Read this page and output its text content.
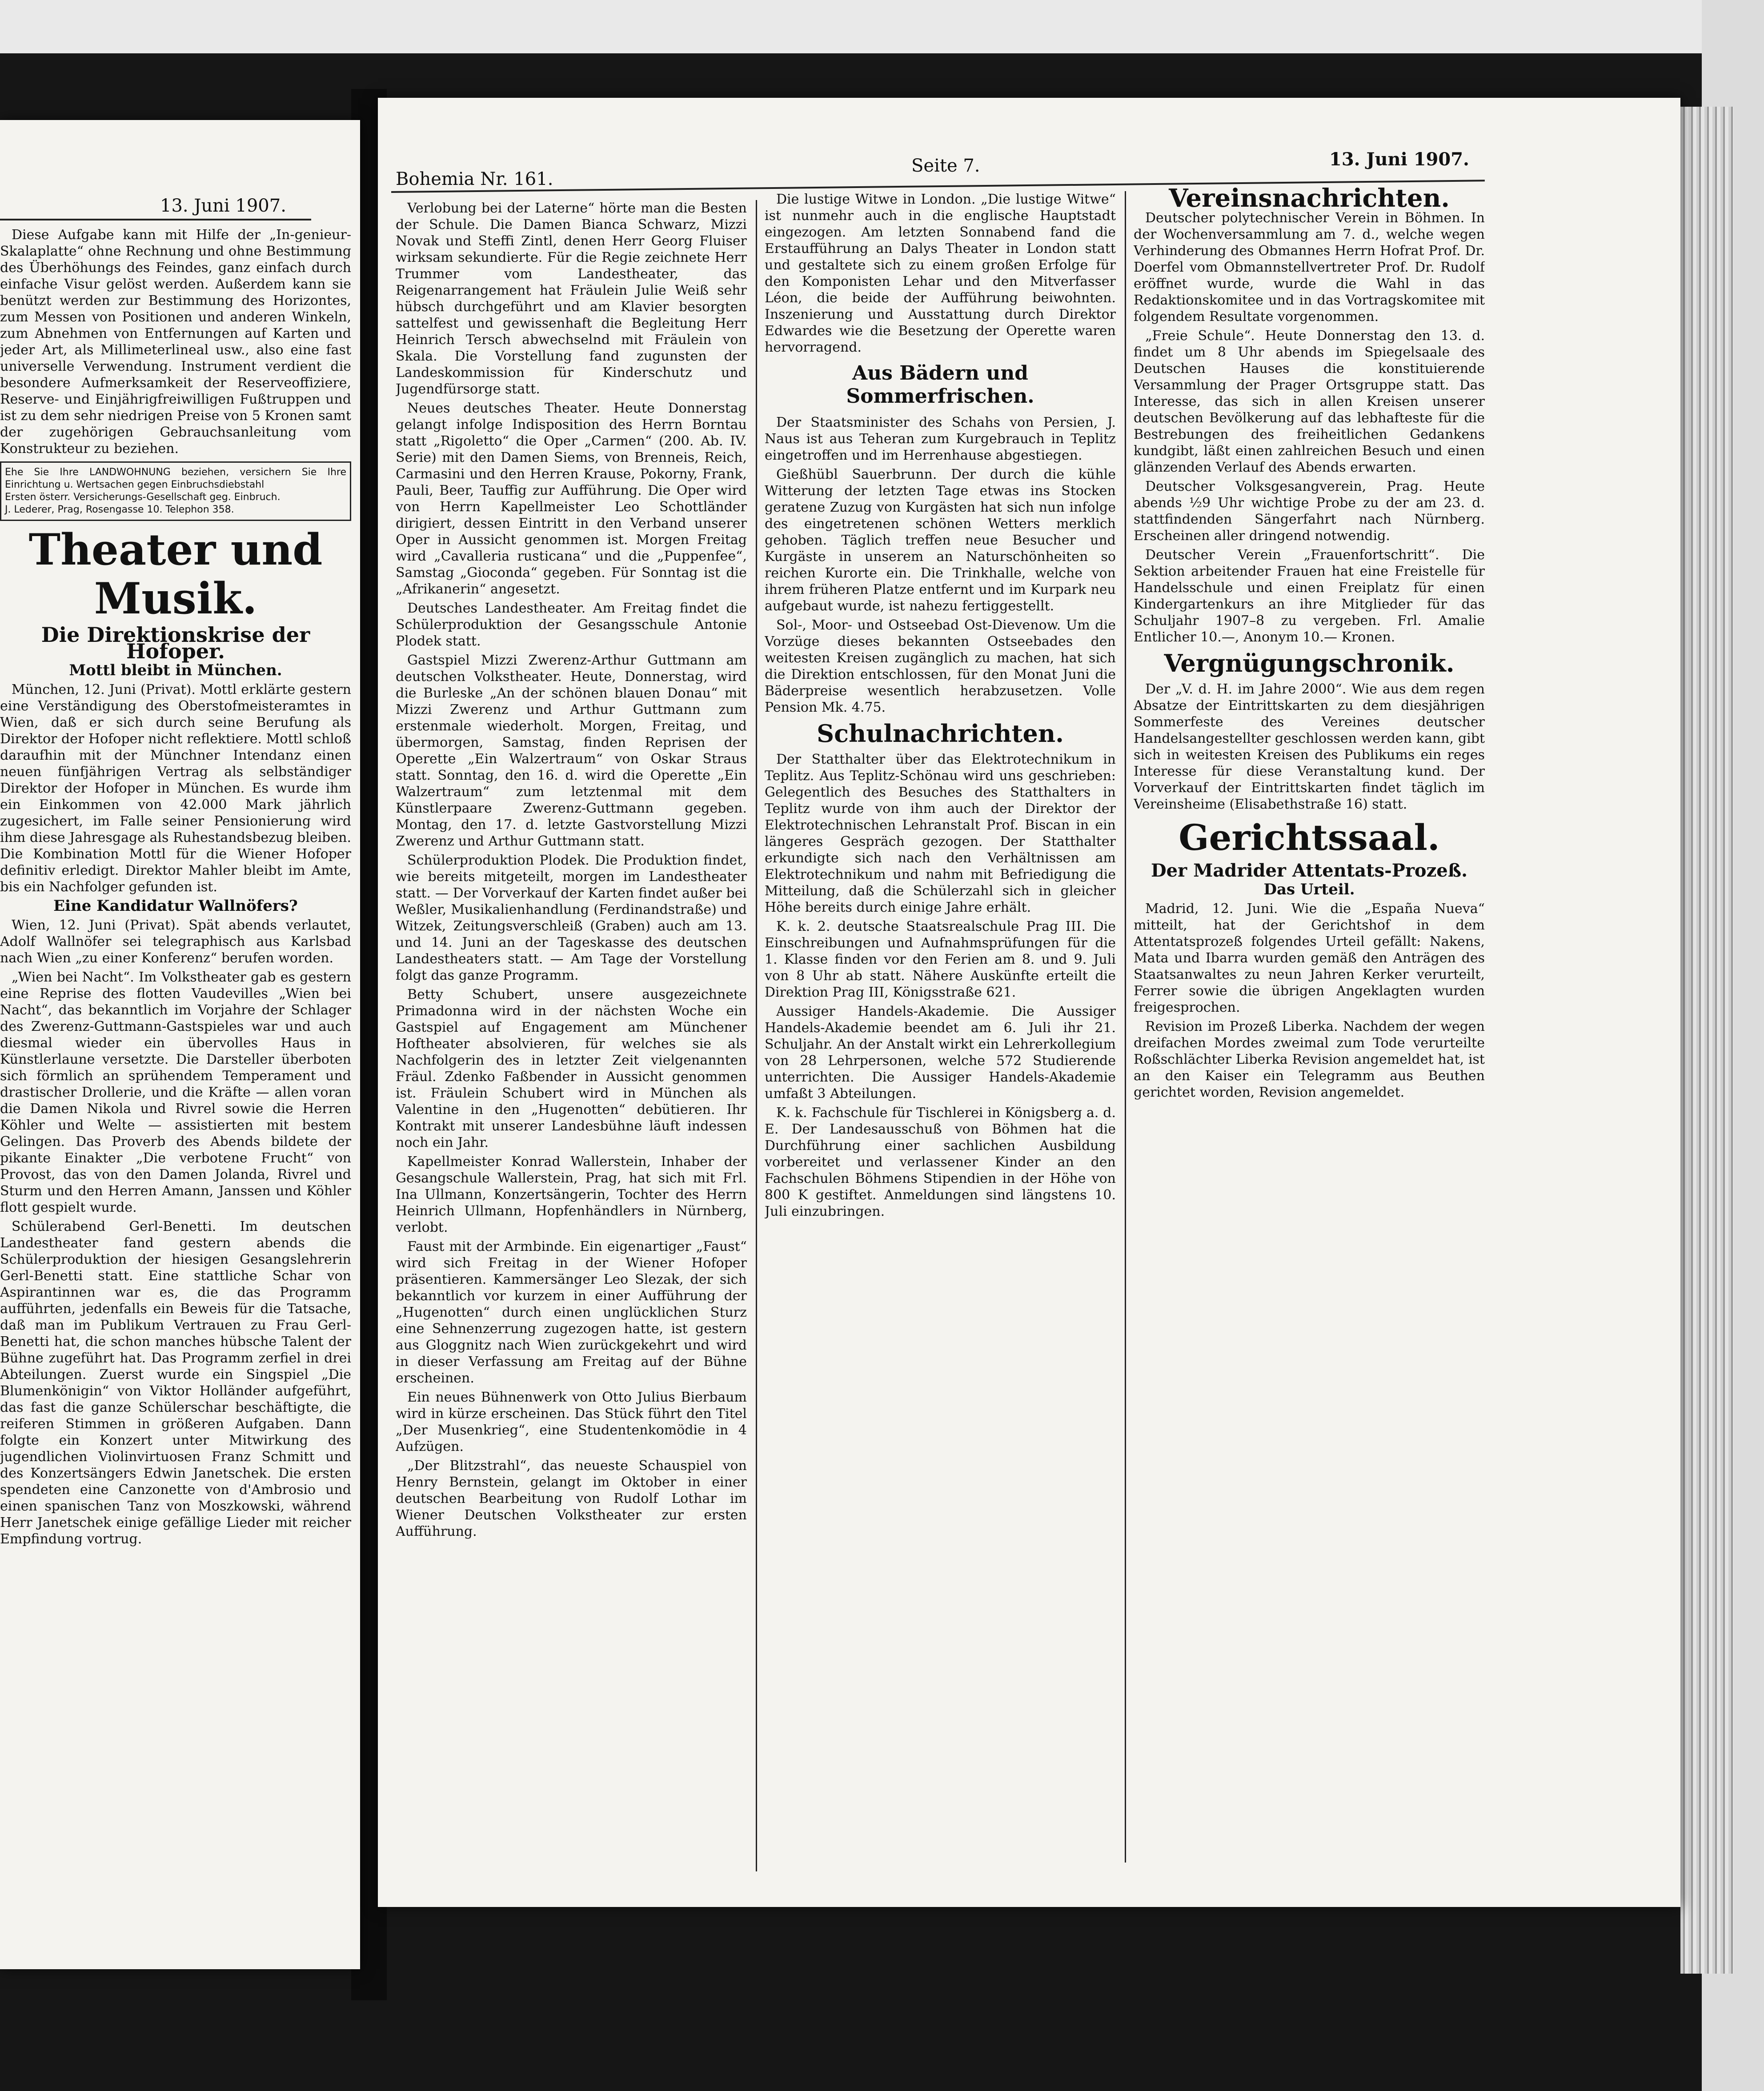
13. Juni 1907.

Diese Aufgabe kann mit Hilfe der „In-genieur-Skalaplatte“ ohne Rechnung und ohne Bestimmung des Überhöhungs des Feindes, ganz einfach durch einfache Visur gelöst werden. Außerdem kann sie benützt werden zur Bestimmung des Horizontes, zum Messen von Positionen und anderen Winkeln, zum Abnehmen von Entfernungen auf Karten und jeder Art, als Millimeterlineal usw., also eine fast universelle Verwendung. Instrument verdient die besondere Aufmerksamkeit der Reserveoffiziere, Reserve- und Einjährigfreiwilligen Fußtruppen und ist zu dem sehr niedrigen Preise von 5 Kronen samt der zugehörigen Gebrauchsanleitung vom Konstrukteur zu beziehen.

Ehe Sie Ihre LANDWOHNUNG beziehen, versichern Sie Ihre Einrichtung u. Wertsachen gegen Einbruchsdiebstahl
Ersten österr. Versicherungs-Gesellschaft geg. Einbruch.
J. Lederer, Prag, Rosengasse 10. Telephon 358.
Theater und Musik.
Die Direktionskrise der Hofoper.
Mottl bleibt in München.

München, 12. Juni (Privat). Mottl erklärte gestern eine Verständigung des Oberstofmeisteramtes in Wien, daß er sich durch seine Berufung als Direktor der Hofoper nicht reflektiere. Mottl schloß daraufhin mit der Münchner Intendanz einen neuen fünfjährigen Vertrag als selbständiger Direktor der Hofoper in München. Es wurde ihm ein Einkommen von 42.000 Mark jährlich zugesichert, im Falle seiner Pensionierung wird ihm diese Jahresgage als Ruhestandsbezug bleiben. Die Kombination Mottl für die Wiener Hofoper definitiv erledigt. Direktor Mahler bleibt im Amte, bis ein Nachfolger gefunden ist.

Eine Kandidatur Wallnöfers?

Wien, 12. Juni (Privat). Spät abends verlautet, Adolf Wallnöfer sei telegraphisch aus Karlsbad nach Wien „zu einer Konferenz“ berufen worden.

„Wien bei Nacht“. Im Volkstheater gab es gestern eine Reprise des flotten Vaudevilles „Wien bei Nacht“, das bekanntlich im Vorjahre der Schlager des Zwerenz-Guttmann-Gastspieles war und auch diesmal wieder ein übervolles Haus in Künstlerlaune versetzte. Die Darsteller überboten sich förmlich an sprühendem Temperament und drastischer Drollerie, und die Kräfte — allen voran die Damen Nikola und Rivrel sowie die Herren Köhler und Welte — assistierten mit bestem Gelingen. Das Proverb des Abends bildete der pikante Einakter „Die verbotene Frucht“ von Provost, das von den Damen Jolanda, Rivrel und Sturm und den Herren Amann, Janssen und Köhler flott gespielt wurde.

Schülerabend Gerl-Benetti. Im deutschen Landestheater fand gestern abends die Schülerproduktion der hiesigen Gesangslehrerin Gerl-Benetti statt. Eine stattliche Schar von Aspirantinnen war es, die das Programm aufführten, jedenfalls ein Beweis für die Tatsache, daß man im Publikum Vertrauen zu Frau Gerl-Benetti hat, die schon manches hübsche Talent der Bühne zugeführt hat. Das Programm zerfiel in drei Abteilungen. Zuerst wurde ein Singspiel „Die Blumenkönigin“ von Viktor Holländer aufgeführt, das fast die ganze Schülerschar beschäftigte, die reiferen Stimmen in größeren Aufgaben. Dann folgte ein Konzert unter Mitwirkung des jugendlichen Violinvirtuosen Franz Schmitt und des Konzertsängers Edwin Janetschek. Die ersten spendeten eine Canzonette von d'Ambrosio und einen spanischen Tanz von Moszkowski, während Herr Janetschek einige gefällige Lieder mit reicher Empfindung vortrug.

Bohemia Nr. 161.
Seite 7.	13. Juni 1907.

Verlobung bei der Laterne“ hörte man die Besten der Schule. Die Damen Bianca Schwarz, Mizzi Novak und Steffi Zintl, denen Herr Georg Fluiser wirksam sekundierte. Für die Regie zeichnete Herr Trummer vom Landestheater, das Reigenarrangement hat Fräulein Julie Weiß sehr hübsch durchgeführt und am Klavier besorgten sattelfest und gewissenhaft die Begleitung Herr Heinrich Tersch abwechselnd mit Fräulein von Skala. Die Vorstellung fand zugunsten der Landeskommission für Kinderschutz und Jugendfürsorge statt.

Neues deutsches Theater. Heute Donnerstag gelangt infolge Indisposition des Herrn Borntau statt „Rigoletto“ die Oper „Carmen“ (200. Ab. IV. Serie) mit den Damen Siems, von Brenneis, Reich, Carmasini und den Herren Krause, Pokorny, Frank, Pauli, Beer, Tauffig zur Aufführung. Die Oper wird von Herrn Kapellmeister Leo Schottländer dirigiert, dessen Eintritt in den Verband unserer Oper in Aussicht genommen ist. Morgen Freitag wird „Cavalleria rusticana“ und die „Puppenfee“, Samstag „Gioconda“ gegeben. Für Sonntag ist die „Afrikanerin“ angesetzt.

Deutsches Landestheater. Am Freitag findet die Schülerproduktion der Gesangsschule Antonie Plodek statt.

Gastspiel Mizzi Zwerenz-Arthur Guttmann am deutschen Volkstheater. Heute, Donnerstag, wird die Burleske „An der schönen blauen Donau“ mit Mizzi Zwerenz und Arthur Guttmann zum erstenmale wiederholt. Morgen, Freitag, und übermorgen, Samstag, finden Reprisen der Operette „Ein Walzertraum“ von Oskar Straus statt. Sonntag, den 16. d. wird die Operette „Ein Walzertraum“ zum letztenmal mit dem Künstlerpaare Zwerenz-Guttmann gegeben. Montag, den 17. d. letzte Gastvorstellung Mizzi Zwerenz und Arthur Guttmann statt.

Schülerproduktion Plodek. Die Produktion findet, wie bereits mitgeteilt, morgen im Landestheater statt. — Der Vorverkauf der Karten findet außer bei Weßler, Musikalienhandlung (Ferdinandstraße) und Witzek, Zeitungsverschleiß (Graben) auch am 13. und 14. Juni an der Tageskasse des deutschen Landestheaters statt. — Am Tage der Vorstellung folgt das ganze Programm.

Betty Schubert, unsere ausgezeichnete Primadonna wird in der nächsten Woche ein Gastspiel auf Engagement am Münchener Hoftheater absolvieren, für welches sie als Nachfolgerin des in letzter Zeit vielgenannten Fräul. Zdenko Faßbender in Aussicht genommen ist. Fräulein Schubert wird in München als Valentine in den „Hugenotten“ debütieren. Ihr Kontrakt mit unserer Landesbühne läuft indessen noch ein Jahr.

Kapellmeister Konrad Wallerstein, Inhaber der Gesangschule Wallerstein, Prag, hat sich mit Frl. Ina Ullmann, Konzertsängerin, Tochter des Herrn Heinrich Ullmann, Hopfenhändlers in Nürnberg, verlobt.

Faust mit der Armbinde. Ein eigenartiger „Faust“ wird sich Freitag in der Wiener Hofoper präsentieren. Kammersänger Leo Slezak, der sich bekanntlich vor kurzem in einer Aufführung der „Hugenotten“ durch einen unglücklichen Sturz eine Sehnenzerrung zugezogen hatte, ist gestern aus Gloggnitz nach Wien zurückgekehrt und wird in dieser Verfassung am Freitag auf der Bühne erscheinen.

Ein neues Bühnenwerk von Otto Julius Bierbaum wird in kürze erscheinen. Das Stück führt den Titel „Der Musenkrieg“, eine Studentenkomödie in 4 Aufzügen.

„Der Blitzstrahl“, das neueste Schauspiel von Henry Bernstein, gelangt im Oktober in einer deutschen Bearbeitung von Rudolf Lothar im Wiener Deutschen Volkstheater zur ersten Aufführung.

Die lustige Witwe in London. „Die lustige Witwe“ ist nunmehr auch in die englische Hauptstadt eingezogen. Am letzten Sonnabend fand die Erstaufführung an Dalys Theater in London statt und gestaltete sich zu einem großen Erfolge für den Komponisten Lehar und den Mitverfasser Léon, die beide der Aufführung beiwohnten. Inszenierung und Ausstattung durch Direktor Edwardes wie die Besetzung der Operette waren hervorragend.

Aus Bädern und Sommerfrischen.

Der Staatsminister des Schahs von Persien, J. Naus ist aus Teheran zum Kurgebrauch in Teplitz eingetroffen und im Herrenhause abgestiegen.

Gießhübl Sauerbrunn. Der durch die kühle Witterung der letzten Tage etwas ins Stocken geratene Zuzug von Kurgästen hat sich nun infolge des eingetretenen schönen Wetters merklich gehoben. Täglich treffen neue Besucher und Kurgäste in unserem an Naturschönheiten so reichen Kurorte ein. Die Trinkhalle, welche von ihrem früheren Platze entfernt und im Kurpark neu aufgebaut wurde, ist nahezu fertiggestellt.

Sol-, Moor- und Ostseebad Ost-Dievenow. Um die Vorzüge dieses bekannten Ostseebades den weitesten Kreisen zugänglich zu machen, hat sich die Direktion entschlossen, für den Monat Juni die Bäderpreise wesentlich herabzusetzen. Volle Pension Mk. 4.75.

Schulnachrichten.

Der Statthalter über das Elektrotechnikum in Teplitz. Aus Teplitz-Schönau wird uns geschrieben: Gelegentlich des Besuches des Statthalters in Teplitz wurde von ihm auch der Direktor der Elektrotechnischen Lehranstalt Prof. Biscan in ein längeres Gespräch gezogen. Der Statthalter erkundigte sich nach den Verhältnissen am Elektrotechnikum und nahm mit Befriedigung die Mitteilung, daß die Schülerzahl sich in gleicher Höhe bereits durch einige Jahre erhält.

K. k. 2. deutsche Staatsrealschule Prag III. Die Einschreibungen und Aufnahmsprüfungen für die 1. Klasse finden vor den Ferien am 8. und 9. Juli von 8 Uhr ab statt. Nähere Auskünfte erteilt die Direktion Prag III, Königsstraße 621.

Aussiger Handels-Akademie. Die Aussiger Handels-Akademie beendet am 6. Juli ihr 21. Schuljahr. An der Anstalt wirkt ein Lehrerkollegium von 28 Lehrpersonen, welche 572 Studierende unterrichten. Die Aussiger Handels-Akademie umfaßt 3 Abteilungen.

K. k. Fachschule für Tischlerei in Königsberg a. d. E. Der Landesausschuß von Böhmen hat die Durchführung einer sachlichen Ausbildung vorbereitet und verlassener Kinder an den Fachschulen Böhmens Stipendien in der Höhe von 800 K gestiftet. Anmeldungen sind längstens 10. Juli einzubringen.

Vereinsnachrichten.

Deutscher polytechnischer Verein in Böhmen. In der Wochenversammlung am 7. d., welche wegen Verhinderung des Obmannes Herrn Hofrat Prof. Dr. Doerfel vom Obmannstellvertreter Prof. Dr. Rudolf eröffnet wurde, wurde die Wahl in das Redaktionskomitee und in das Vortragskomitee mit folgendem Resultate vorgenommen.

„Freie Schule“. Heute Donnerstag den 13. d. findet um 8 Uhr abends im Spiegelsaale des Deutschen Hauses die konstituierende Versammlung der Prager Ortsgruppe statt. Das Interesse, das sich in allen Kreisen unserer deutschen Bevölkerung auf das lebhafteste für die Bestrebungen des freiheitlichen Gedankens kundgibt, läßt einen zahlreichen Besuch und einen glänzenden Verlauf des Abends erwarten.

Deutscher Volksgesangverein, Prag. Heute abends ½9 Uhr wichtige Probe zu der am 23. d. stattfindenden Sängerfahrt nach Nürnberg. Erscheinen aller dringend notwendig.

Deutscher Verein „Frauenfortschritt“. Die Sektion arbeitender Frauen hat eine Freistelle für Handelsschule und einen Freiplatz für einen Kindergartenkurs an ihre Mitglieder für das Schuljahr 1907–8 zu vergeben. Frl. Amalie Entlicher 10.—, Anonym 10.— Kronen.

Vergnügungschronik.

Der „V. d. H. im Jahre 2000“. Wie aus dem regen Absatze der Eintrittskarten zu dem diesjährigen Sommerfeste des Vereines deutscher Handelsangestellter geschlossen werden kann, gibt sich in weitesten Kreisen des Publikums ein reges Interesse für diese Veranstaltung kund. Der Vorverkauf der Eintrittskarten findet täglich im Vereinsheime (Elisabethstraße 16) statt.

Gerichtssaal.
Der Madrider Attentats-Prozeß.
Das Urteil.

Madrid, 12. Juni. Wie die „España Nueva“ mitteilt, hat der Gerichtshof in dem Attentatsprozeß folgendes Urteil gefällt: Nakens, Mata und Ibarra wurden gemäß den Anträgen des Staatsanwaltes zu neun Jahren Kerker verurteilt, Ferrer sowie die übrigen Angeklagten wurden freigesprochen.

Revision im Prozeß Liberka. Nachdem der wegen dreifachen Mordes zweimal zum Tode verurteilte Roßschlächter Liberka Revision angemeldet hat, ist an den Kaiser ein Telegramm aus Beuthen gerichtet worden, Revision angemeldet.
